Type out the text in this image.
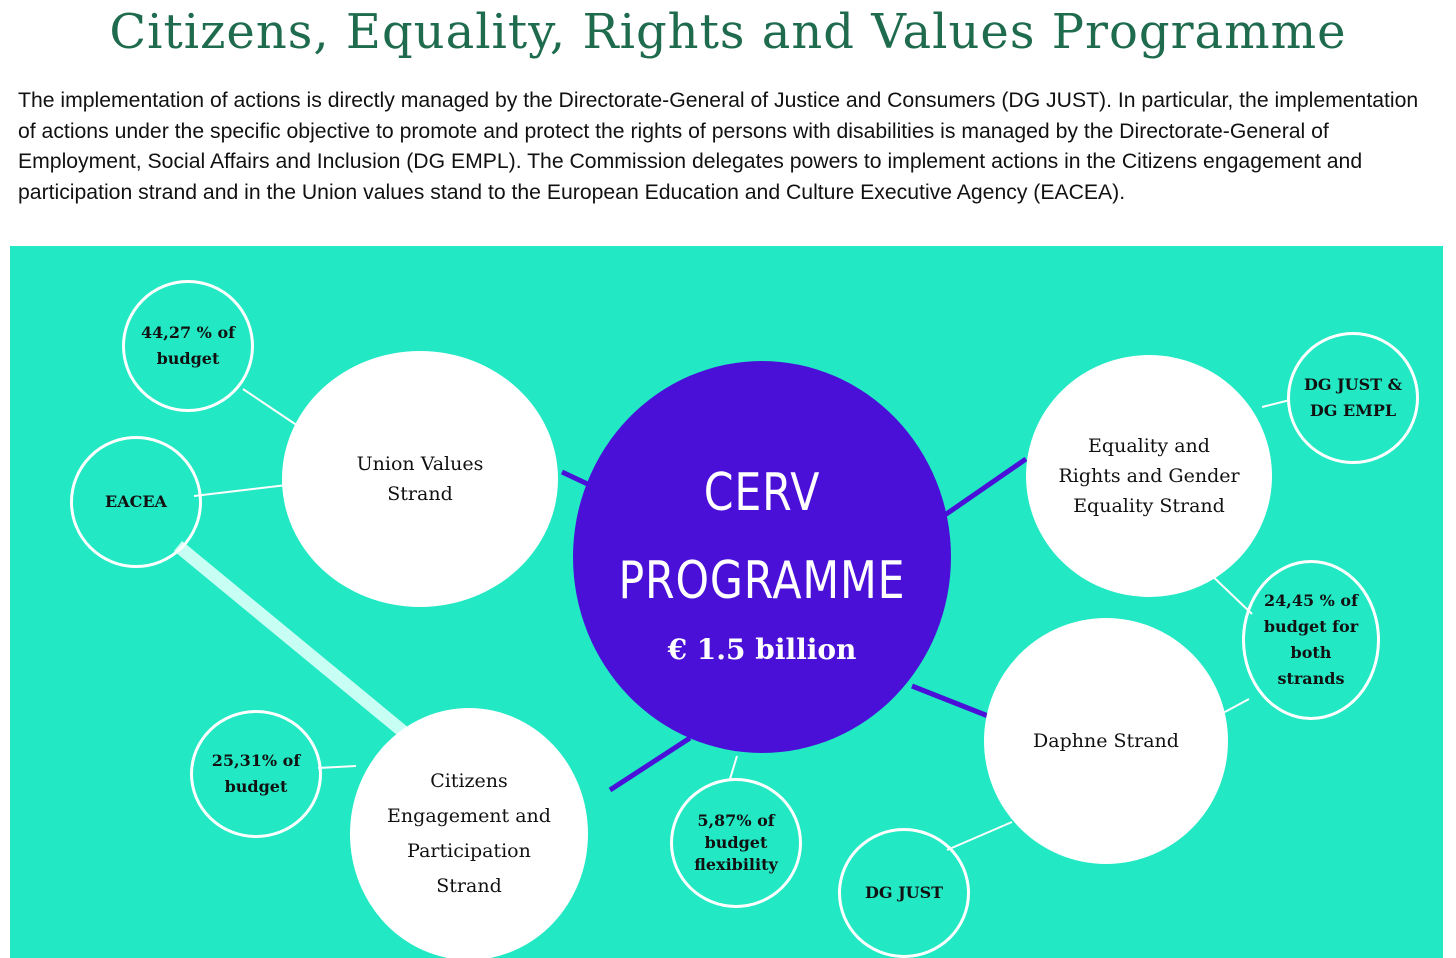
Citizens, Equality, Rights and Values Programme
The implementation of actions is directly managed by the Directorate-General of Justice and Consumers (DG JUST). In particular, the implementation of actions under the specific objective to promote and protect the rights of persons with disabilities is managed by the Directorate-General of Employment, Social Affairs and Inclusion (DG EMPL). The Commission delegates powers to implement actions in the Citizens engagement and participation strand and in the Union values stand to the European Education and Culture Executive Agency (EACEA).
Union Values
Strand
Citizens
Engagement and
Participation
Strand
Equality and
Rights and Gender
Equality Strand
Daphne Strand
CERV
PROGRAMME
€ 1.5 billion
44,27 % of
budget
EACEA
25,31% of
budget
5,87% of
budget
flexibility
DG JUST &
DG EMPL
24,45 % of
budget for
both
strands
DG JUST
